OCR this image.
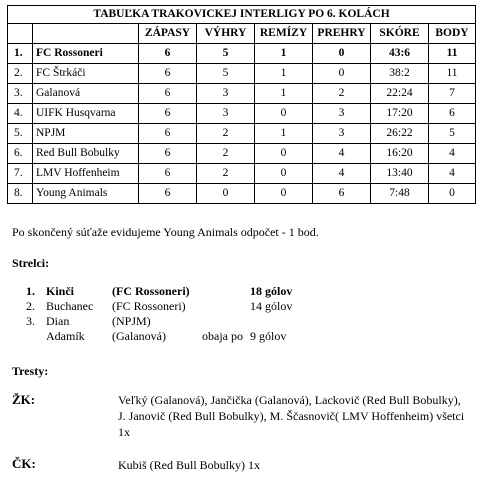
TABUĽKA TRAKOVICKEJ INTERLIGY PO 6. KOLÁCH							
		ZÁPASY	VÝHRY	REMÍZY	PREHRY	SKÓRE	BODY
1.	FC Rossoneri	6	5	1	0	43:6	11
2.	FC Štrkáči	6	5	1	0	38:2	11
3.	Galanová	6	3	1	2	22:24	7
4.	UIFK Husqvarna	6	3	0	3	17:20	6
5.	NPJM	6	2	1	3	26:22	5
6.	Red Bull Bobulky	6	2	0	4	16:20	4
7.	LMV Hoffenheim	6	2	0	4	13:40	4
8.	Young Animals	6	0	0	6	7:48	0
Po skončený súťaže evidujeme Young Animals odpočet - 1 bod.
Strelci:
1. Kinči	(FC Rossoneri)	18 gólov
2. Buchanec (FC Rossoneri)	14 gólov
3. Dian	(NPJM)
Adamík (Galanová)	obaja po 9 gólov
Tresty:
ŽK:	Veľký (Galanová), Jančička (Galanová), Lackovič (Red Bull Bobulky), J. Janovič (Red Bull Bobulky), M. Ščasnovič( LMV Hoffenheim) všetci 1x
ČK:	Kubiš (Red Bull Bobulky) 1x
